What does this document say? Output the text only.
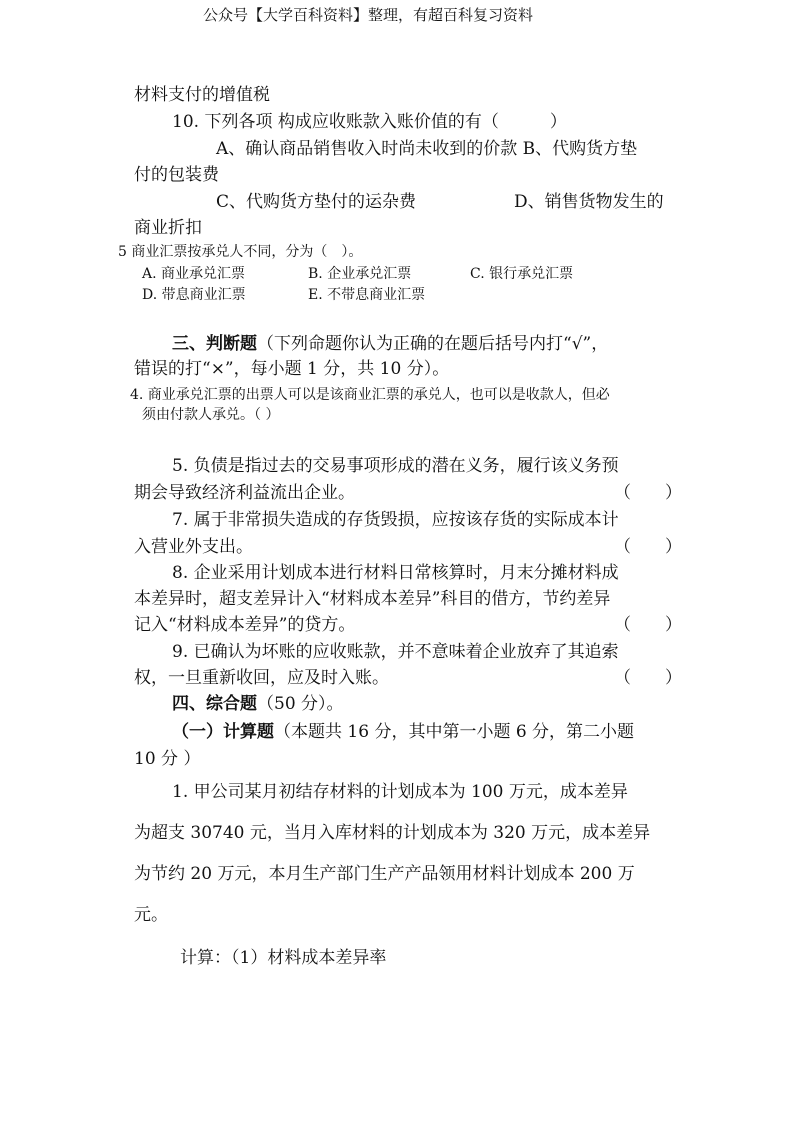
公众号【大学百科资料】整理，有超百科复习资料
材料支付的增值税
10. 下列各项 构成应收账款入账价值的有（　　　）
A、确认商品销售收入时尚未收到的价款 B、代购货方垫
付的包装费
C、代购货方垫付的运杂费	D、销售货物发生的
商业折扣
5 商业汇票按承兑人不同，分为（　）。
A. 商业承兑汇票	B. 企业承兑汇票	C. 银行承兑汇票
D. 带息商业汇票	E. 不带息商业汇票
三、判断题（下列命题你认为正确的在题后括号内打“√”，
错误的打“×”，每小题 1 分，共 10 分）。
4. 商业承兑汇票的出票人可以是该商业汇票的承兑人，也可以是收款人，但必
须由付款人承兑。（ ）
5. 负债是指过去的交易事项形成的潜在义务，履行该义务预
期会导致经济利益流出企业。	（　　）
7. 属于非常损失造成的存货毁损，应按该存货的实际成本计
入营业外支出。	（　　）
8. 企业采用计划成本进行材料日常核算时，月末分摊材料成
本差异时，超支差异计入“材料成本差异”科目的借方，节约差异
记入“材料成本差异”的贷方。	（　　）
9. 已确认为坏账的应收账款，并不意味着企业放弃了其追索
权，一旦重新收回，应及时入账。	（　　）
四、综合题（50 分）。
（一）计算题（本题共 16 分，其中第一小题 6 分，第二小题
10 分 ）
1. 甲公司某月初结存材料的计划成本为 100 万元，成本差异
为超支 30740 元，当月入库材料的计划成本为 320 万元，成本差异
为节约 20 万元，本月生产部门生产产品领用材料计划成本 200 万
元。
计算：（1）材料成本差异率
